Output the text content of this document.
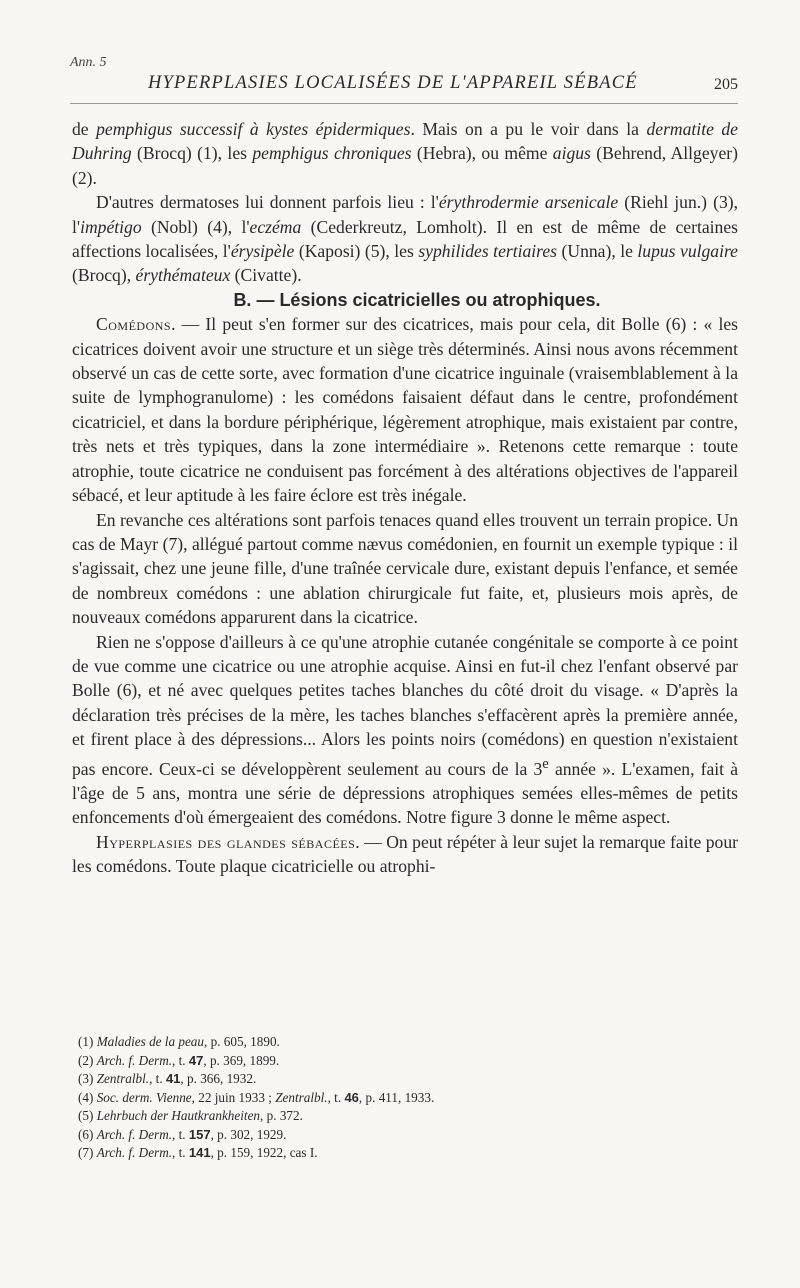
Ann. 5
HYPERPLASIES LOCALISÉES DE L'APPAREIL SÉBACÉ	205

de pemphigus successif à kystes épidermiques. Mais on a pu le voir dans la dermatite de Duhring (Brocq) (1), les pemphigus chroniques (Hebra), ou même aigus (Behrend, Allgeyer) (2).

D'autres dermatoses lui donnent parfois lieu : l'érythrodermie arsenicale (Riehl jun.) (3), l'impétigo (Nobl) (4), l'eczéma (Cederkreutz, Lomholt). Il en est de même de certaines affections localisées, l'érysipèle (Kaposi) (5), les syphilides tertiaires (Unna), le lupus vulgaire (Brocq), érythémateux (Civatte).

B. — Lésions cicatricielles ou atrophiques.

Comédons. — Il peut s'en former sur des cicatrices, mais pour cela, dit Bolle (6) : « les cicatrices doivent avoir une structure et un siège très déterminés. Ainsi nous avons récemment observé un cas de cette sorte, avec formation d'une cicatrice inguinale (vraisemblablement à la suite de lymphogranulome) : les comédons faisaient défaut dans le centre, profondément cicatriciel, et dans la bordure périphérique, légèrement atrophique, mais existaient par contre, très nets et très typiques, dans la zone intermédiaire ». Retenons cette remarque : toute atrophie, toute cicatrice ne conduisent pas forcément à des altérations objectives de l'appareil sébacé, et leur aptitude à les faire éclore est très inégale.

En revanche ces altérations sont parfois tenaces quand elles trouvent un terrain propice. Un cas de Mayr (7), allégué partout comme nævus comédonien, en fournit un exemple typique : il s'agissait, chez une jeune fille, d'une traînée cervicale dure, existant depuis l'enfance, et semée de nombreux comédons : une ablation chirurgicale fut faite, et, plusieurs mois après, de nouveaux comédons apparurent dans la cicatrice.

Rien ne s'oppose d'ailleurs à ce qu'une atrophie cutanée congénitale se comporte à ce point de vue comme une cicatrice ou une atrophie acquise. Ainsi en fut-il chez l'enfant observé par Bolle (6), et né avec quelques petites taches blanches du côté droit du visage. « D'après la déclaration très précises de la mère, les taches blanches s'effacèrent après la première année, et firent place à des dépressions... Alors les points noirs (comédons) en question n'existaient pas encore. Ceux-ci se développèrent seulement au cours de la 3e année ». L'examen, fait à l'âge de 5 ans, montra une série de dépressions atrophiques semées elles-mêmes de petits enfoncements d'où émergeaient des comédons. Notre figure 3 donne le même aspect.

Hyperplasies des glandes sébacées. — On peut répéter à leur sujet la remarque faite pour les comédons. Toute plaque cicatricielle ou atrophi-

(1) Maladies de la peau, p. 605, 1890.
(2) Arch. f. Derm., t. 47, p. 369, 1899.
(3) Zentralbl., t. 41, p. 366, 1932.
(4) Soc. derm. Vienne, 22 juin 1933 ; Zentralbl., t. 46, p. 411, 1933.
(5) Lehrbuch der Hautkrankheiten, p. 372.
(6) Arch. f. Derm., t. 157, p. 302, 1929.
(7) Arch. f. Derm., t. 141, p. 159, 1922, cas I.
